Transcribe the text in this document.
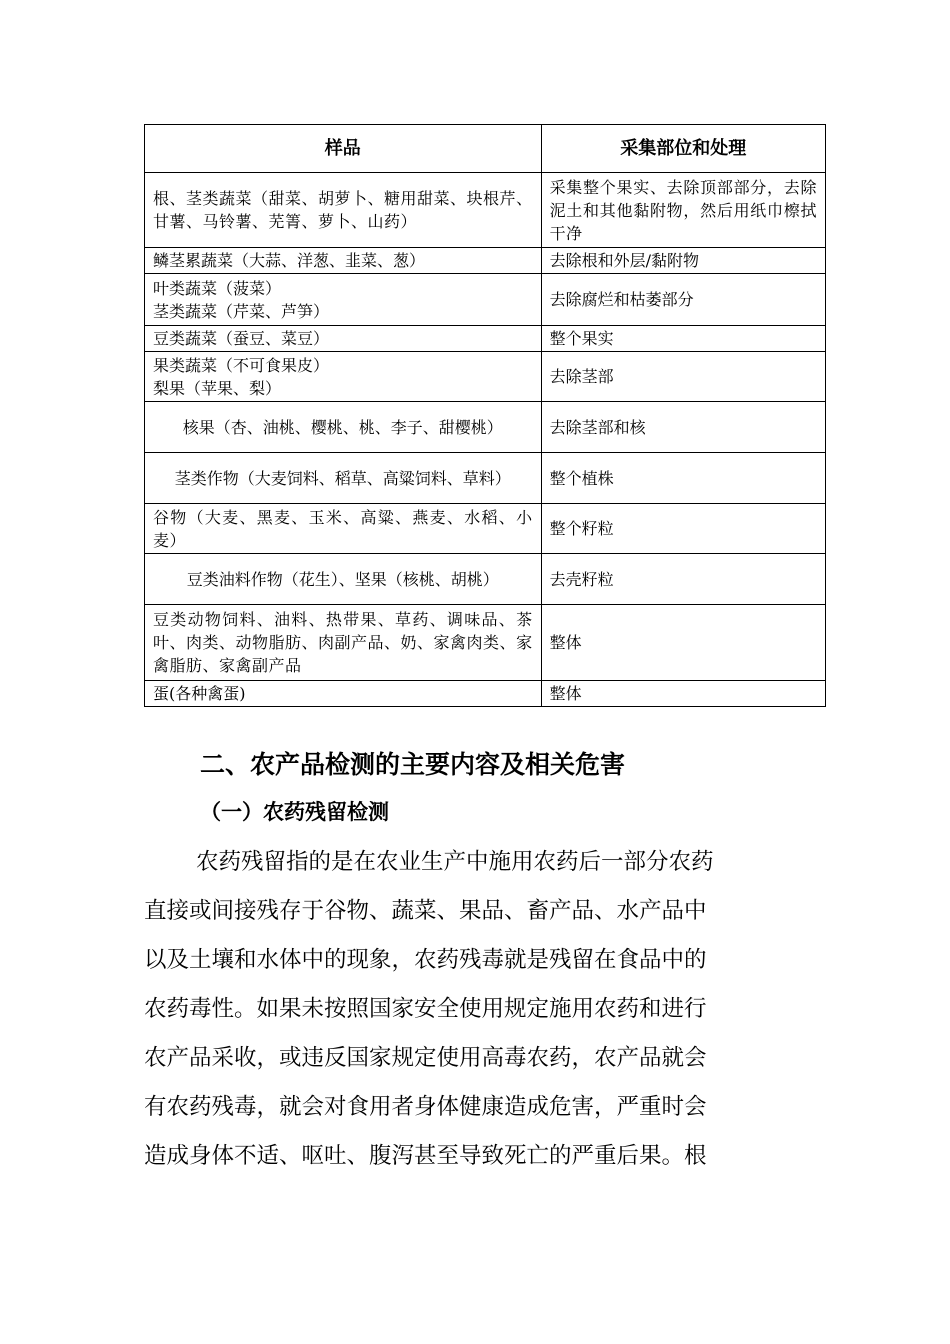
样品	采集部位和处理
根、茎类蔬菜（甜菜、胡萝卜、糖用甜菜、块根芹、甘薯、马铃薯、芜箐、萝卜、山药）	采集整个果实、去除顶部部分，去除泥土和其他黏附物，然后用纸巾檫拭干净
鳞茎累蔬菜（大蒜、洋葱、韭菜、葱）	去除根和外层/黏附物

叶类蔬菜（菠菜）
茎类蔬菜（芹菜、芦笋）	去除腐烂和枯萎部分
豆类蔬菜（蚕豆、菜豆）	整个果实

果类蔬菜（不可食果皮）
梨果（苹果、梨）	去除茎部
核果（杏、油桃、樱桃、桃、李子、甜樱桃）	去除茎部和核
茎类作物（大麦饲料、稻草、高粱饲料、草料）	整个植株
谷物（大麦、黑麦、玉米、高粱、燕麦、水稻、小麦）	整个籽粒
豆类油料作物（花生）、坚果（核桃、胡桃）	去壳籽粒
豆类动物饲料、油料、热带果、草药、调味品、茶叶、肉类、动物脂肪、肉副产品、奶、家禽肉类、家禽脂肪、家禽副产品	整体
蛋(各种禽蛋)	整体
二、农产品检测的主要内容及相关危害
（一）农药残留检测

农药残留指的是在农业生产中施用农药后一部分农药

直接或间接残存于谷物、蔬菜、果品、畜产品、水产品中

以及土壤和水体中的现象，农药残毒就是残留在食品中的

农药毒性。如果未按照国家安全使用规定施用农药和进行

农产品采收，或违反国家规定使用高毒农药，农产品就会

有农药残毒，就会对食用者身体健康造成危害，严重时会

造成身体不适、呕吐、腹泻甚至导致死亡的严重后果。根
